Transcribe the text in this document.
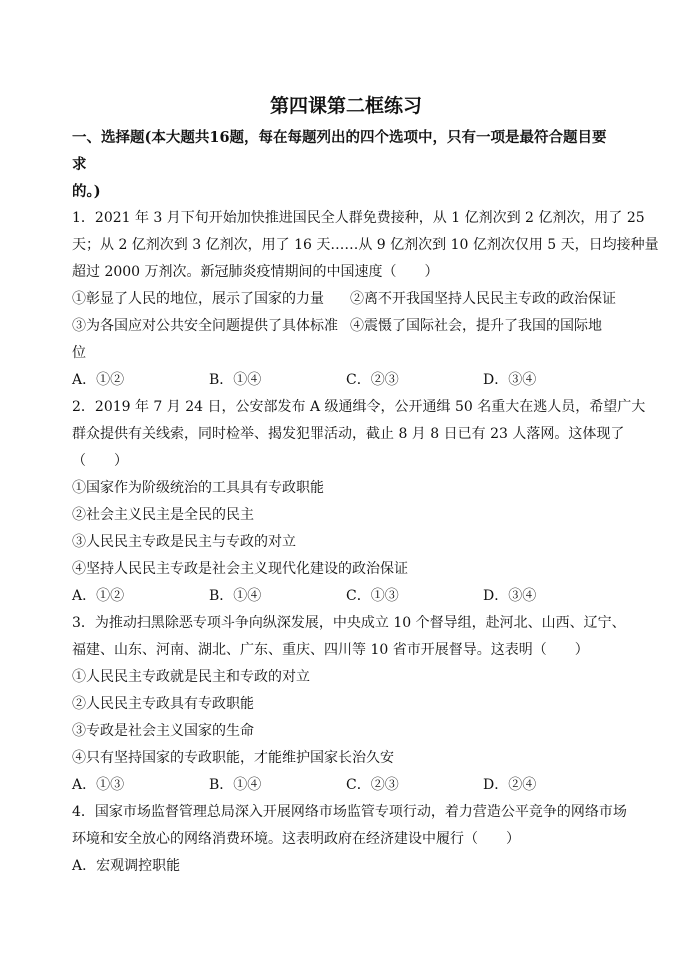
第四课第二框练习
一、选择题(本大题共16题，每在每题列出的四个选项中，只有一项是最符合题目要求
的。)
1．2021 年 3 月下旬开始加快推进国民全人群免费接种，从 1 亿剂次到 2 亿剂次，用了 25
天；从 2 亿剂次到 3 亿剂次，用了 16 天……从 9 亿剂次到 10 亿剂次仅用 5 天，日均接种量
超过 2000 万剂次。新冠肺炎疫情期间的中国速度（　　）
①彰显了人民的地位，展示了国家的力量	②离不开我国坚持人民民主专政的政治保证
③为各国应对公共安全问题提供了具体标准 ④震慑了国际社会，提升了我国的国际地
位
A．①②	B．①④	C．②③	D．③④
2．2019 年 7 月 24 日，公安部发布 A 级通缉令，公开通缉 50 名重大在逃人员，希望广大
群众提供有关线索，同时检举、揭发犯罪活动，截止 8 月 8 日已有 23 人落网。这体现了
（　　）
①国家作为阶级统治的工具具有专政职能
②社会主义民主是全民的民主
③人民民主专政是民主与专政的对立
④坚持人民民主专政是社会主义现代化建设的政治保证
A．①②	B．①④	C．①③	D．③④
3．为推动扫黑除恶专项斗争向纵深发展，中央成立 10 个督导组，赴河北、山西、辽宁、
福建、山东、河南、湖北、广东、重庆、四川等 10 省市开展督导。这表明（　　）
①人民民主专政就是民主和专政的对立
②人民民主专政具有专政职能
③专政是社会主义国家的生命
④只有坚持国家的专政职能，才能维护国家长治久安
A．①③	B．①④	C．②③	D．②④
4．国家市场监督管理总局深入开展网络市场监管专项行动，着力营造公平竞争的网络市场
环境和安全放心的网络消费环境。这表明政府在经济建设中履行（　　）
A．宏观调控职能
